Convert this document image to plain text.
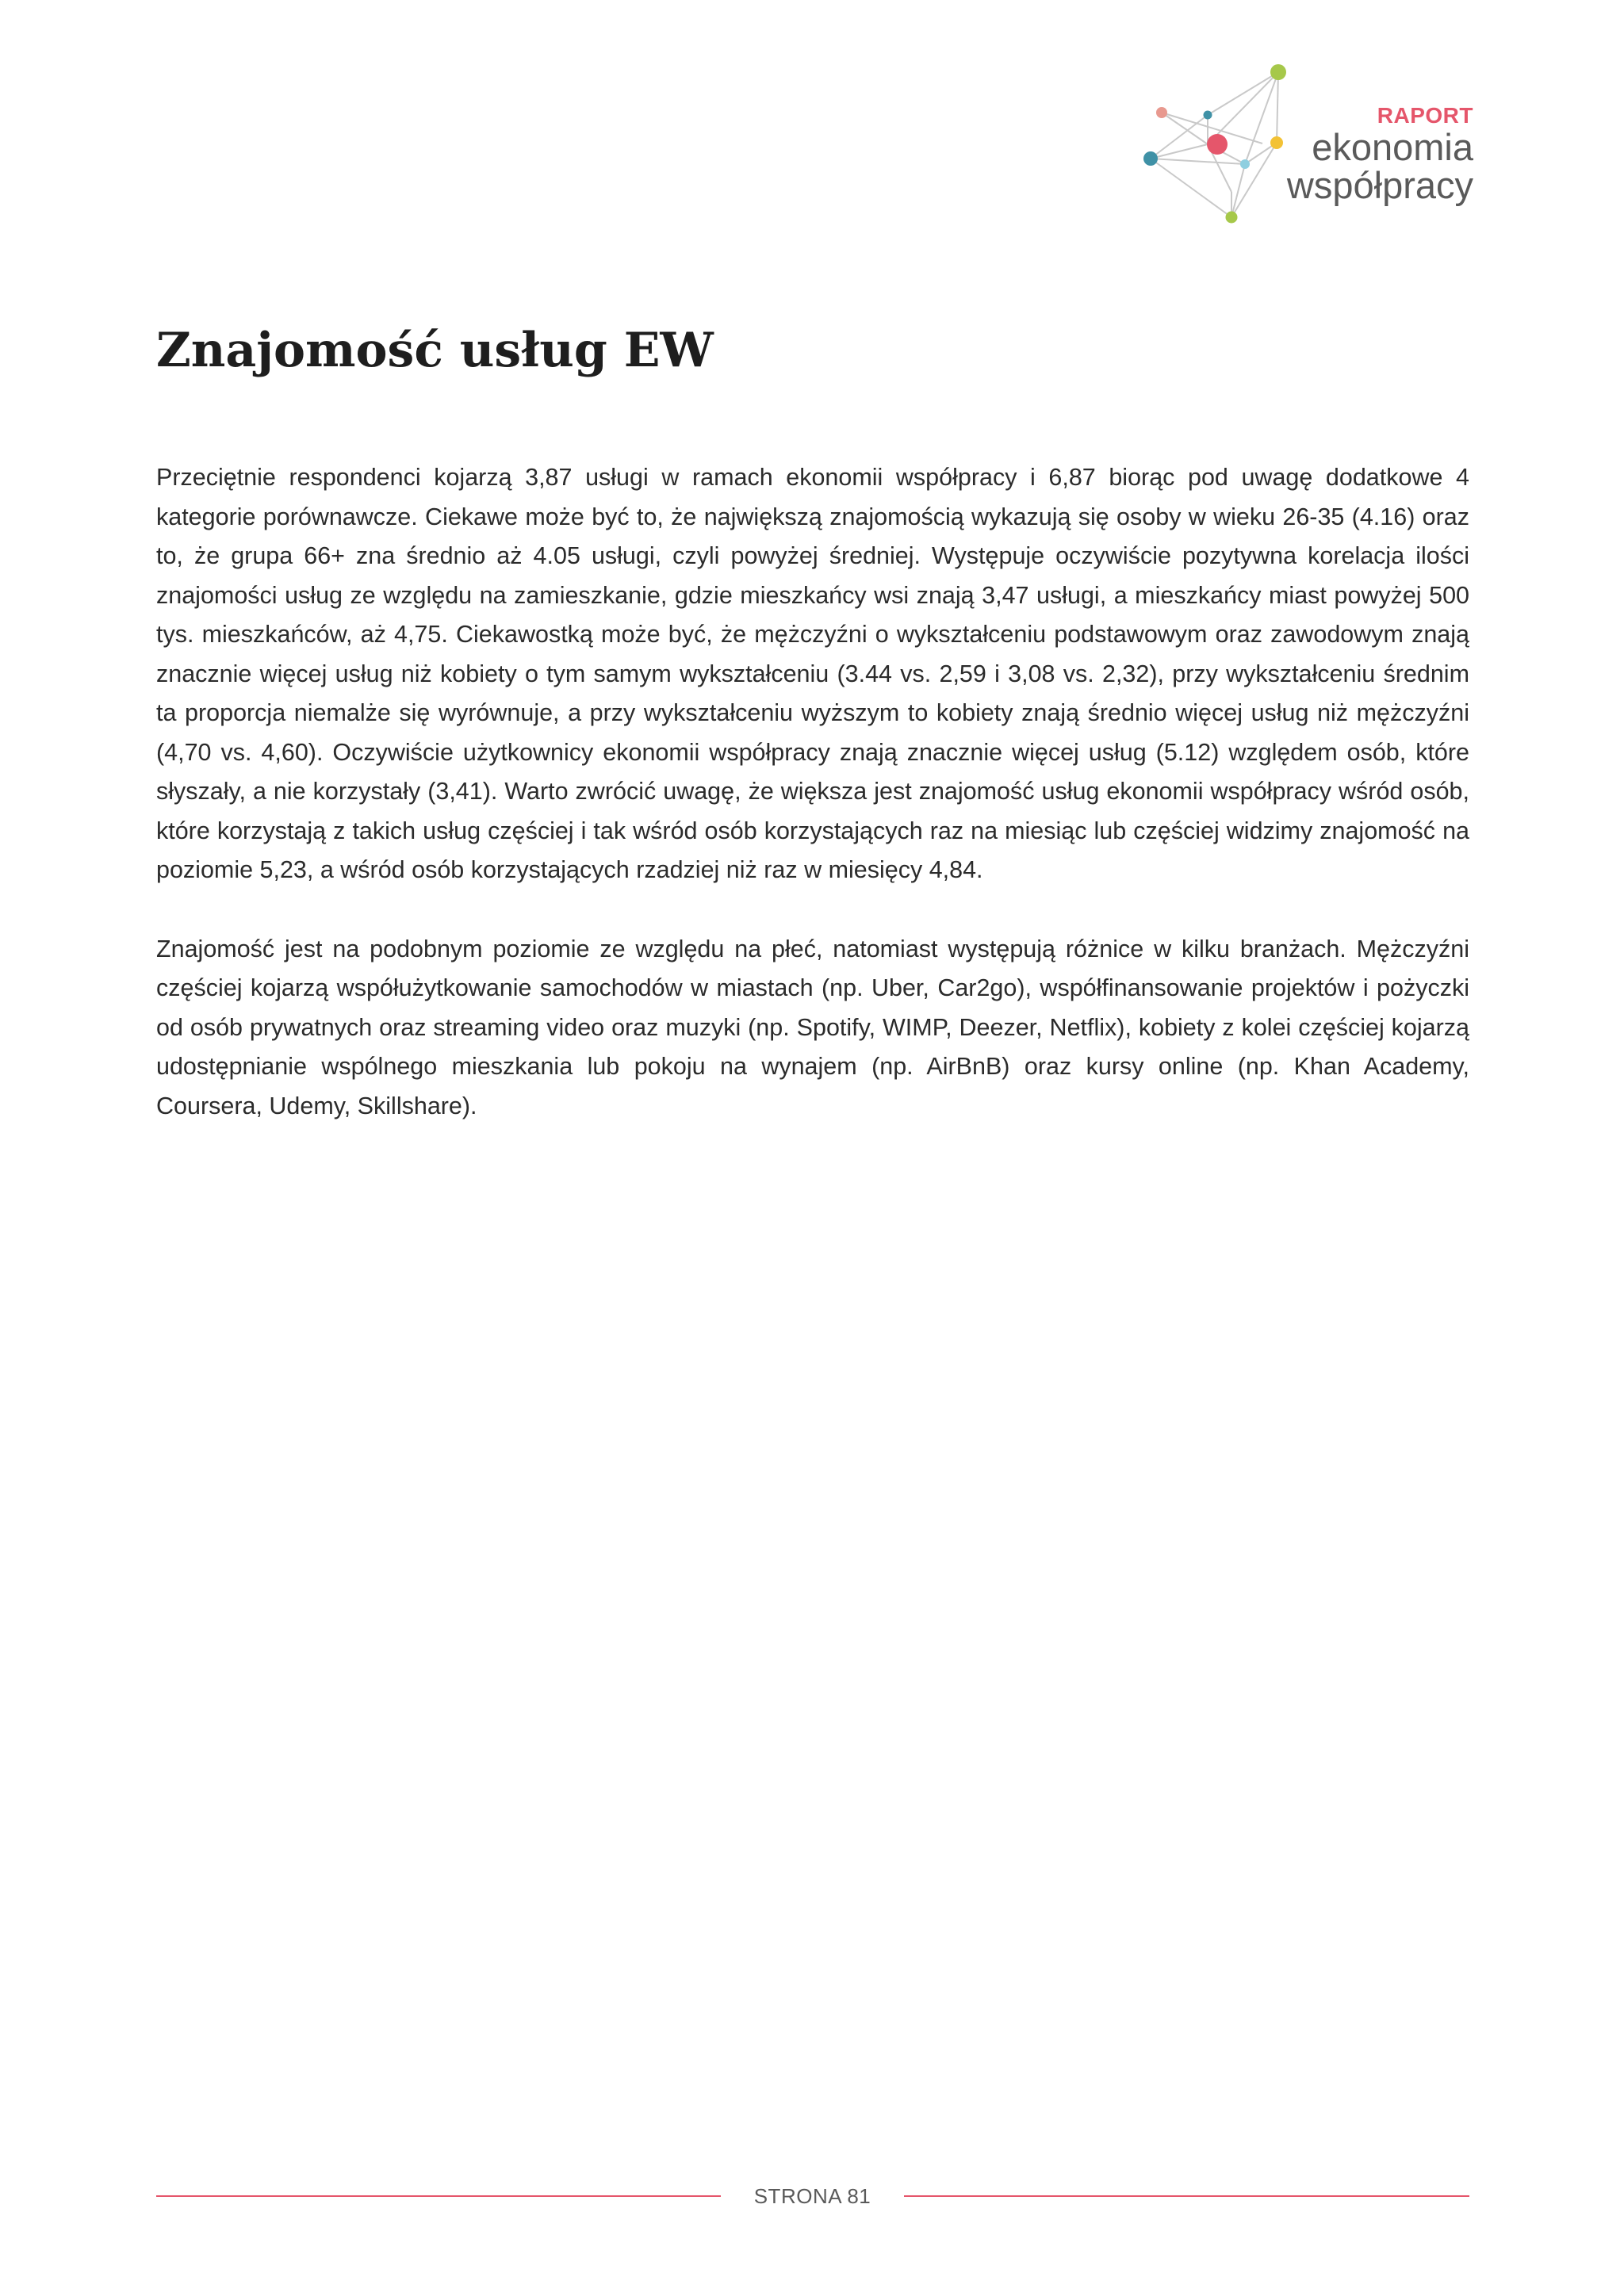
RAPORT
ekonomia
współpracy
Znajomość usług EW

Przeciętnie respondenci kojarzą 3,87 usługi w ramach ekonomii współpracy i 6,87 biorąc pod uwagę dodatkowe 4 kategorie porównawcze. Ciekawe może być to, że największą znajomością wykazują się osoby w wieku 26-35 (4.16) oraz to, że grupa 66+ zna średnio aż 4.05 usługi, czyli powyżej średniej. Występuje oczywiście pozytywna korelacja ilości znajomości usług ze względu na zamieszkanie, gdzie mieszkańcy wsi znają 3,47 usługi, a mieszkańcy miast powyżej 500 tys. mieszkańców, aż 4,75. Ciekawostką może być, że mężczyźni o wykształceniu podstawowym oraz zawodowym znają znacznie więcej usług niż kobiety o tym samym wykształceniu (3.44 vs. 2,59 i 3,08 vs. 2,32), przy wykształceniu średnim ta proporcja niemalże się wyrównuje, a przy wykształceniu wyższym to kobiety znają średnio więcej usług niż mężczyźni (4,70 vs. 4,60). Oczywiście użytkownicy ekonomii współpracy znają znacznie więcej usług (5.12) względem osób, które słyszały, a nie korzystały (3,41). Warto zwrócić uwagę, że większa jest znajomość usług ekonomii współpracy wśród osób, które korzystają z takich usług częściej i tak wśród osób korzystających raz na miesiąc lub częściej widzimy znajomość na poziomie 5,23, a wśród osób korzystających rzadziej niż raz w miesięcy 4,84.

Znajomość jest na podobnym poziomie ze względu na płeć, natomiast występują różnice w kilku branżach. Mężczyźni częściej kojarzą współużytkowanie samochodów w miastach (np. Uber, Car2go), współfinansowanie projektów i pożyczki od osób prywatnych oraz streaming video oraz muzyki (np. Spotify, WIMP, Deezer, Netflix), kobiety z kolei częściej kojarzą udostępnianie wspólnego mieszkania lub pokoju na wynajem (np. AirBnB) oraz kursy online (np. Khan Academy, Coursera, Udemy, Skillshare).

STRONA 81
